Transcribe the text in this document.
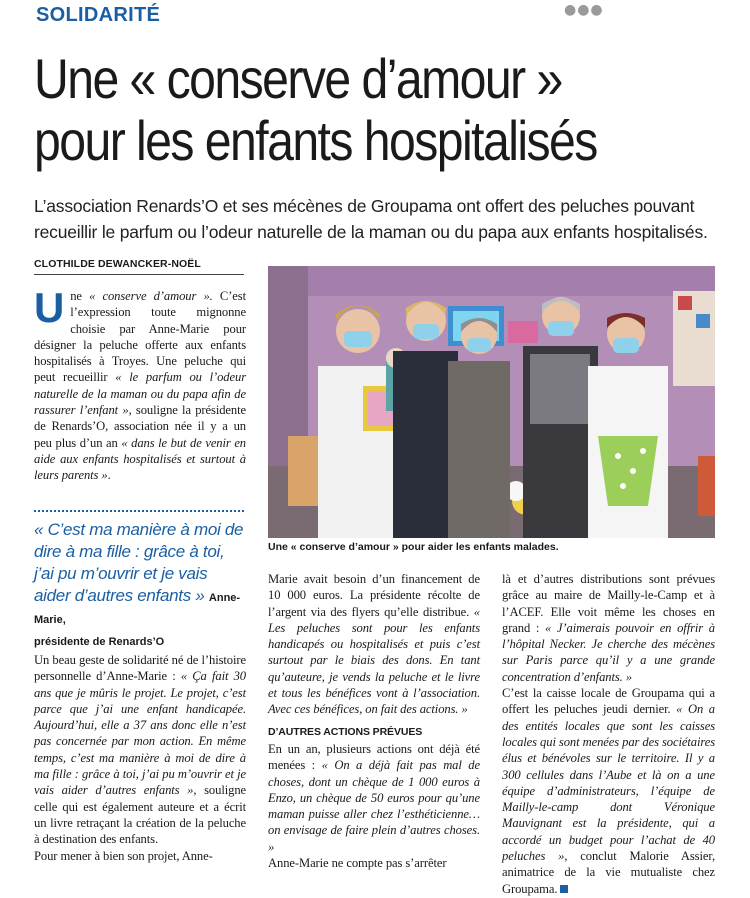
SOLIDARITÉ	●●●
Une « conserve d’amour »
pour les enfants hospitalisés

L’association Renards’O et ses mécènes de Groupama ont offert des peluches pouvant recueillir le parfum ou l’odeur naturelle de la maman ou du papa aux enfants hospitalisés.

CLOTHILDE DEWANCKER-NOËL

Une « conserve d’amour ». C’est l’expression toute mignonne choisie par Anne-Marie pour désigner la peluche offerte aux enfants hospitalisés à Troyes. Une peluche qui peut recueillir « le parfum ou l’odeur naturelle de la maman ou du papa afin de rassurer l’enfant », souligne la présidente de Renards’O, association née il y a un peu plus d’un an « dans le but de venir en aide aux enfants hospitalisés et surtout à leurs parents ».

« C’est ma manière à moi de dire à ma fille : grâce à toi, j’ai pu m’ouvrir et je vais aider d’autres enfants » Anne-Marie,
présidente de Renards’O

Un beau geste de solidarité né de l’histoire personnelle d’Anne-Marie : « Ça fait 30 ans que je mûris le projet. Le projet, c’est parce que j’ai une enfant handicapée. Aujourd’hui, elle a 37 ans donc elle n’est pas concernée par mon action. En même temps, c’est ma manière à moi de dire à ma fille : grâce à toi, j’ai pu m’ouvrir et je vais aider d’autres enfants », souligne celle qui est également auteure et a écrit un livre retraçant la création de la peluche à destination des enfants.

Pour mener à bien son projet, Anne-

Une « conserve d’amour » pour aider les enfants malades.

Marie avait besoin d’un financement de 10 000 euros. La présidente récolte de l’argent via des flyers qu’elle distribue. « Les peluches sont pour les enfants handicapés ou hospitalisés et puis c’est surtout par le biais des dons. En tant qu’auteure, je vends la peluche et le livre et tous les bénéfices vont à l’association. Avec ces bénéfices, on fait des actions. »

D’AUTRES ACTIONS PRÉVUES

En un an, plusieurs actions ont déjà été menées : « On a déjà fait pas mal de choses, dont un chèque de 1 000 euros à Enzo, un chèque de 50 euros pour qu’une maman puisse aller chez l’esthéticienne… on envisage de faire plein d’autres choses. »

Anne-Marie ne compte pas s’arrêter

là et d’autres distributions sont prévues grâce au maire de Mailly-le-Camp et à l’ACEF. Elle voit même les choses en grand : « J’aimerais pouvoir en offrir à l’hôpital Necker. Je cherche des mécènes sur Paris parce qu’il y a une grande concentration d’enfants. »

C’est la caisse locale de Groupama qui a offert les peluches jeudi dernier. « On a des entités locales que sont les caisses locales qui sont menées par des sociétaires élus et bénévoles sur le territoire. Il y a 300 cellules dans l’Aube et là on a une équipe d’administrateurs, l’équipe de Mailly-le-camp dont Véronique Mauvignant est la présidente, qui a accordé un budget pour l’achat de 40 peluches », conclut Malorie Assier, animatrice de la vie mutualiste chez Groupama.
